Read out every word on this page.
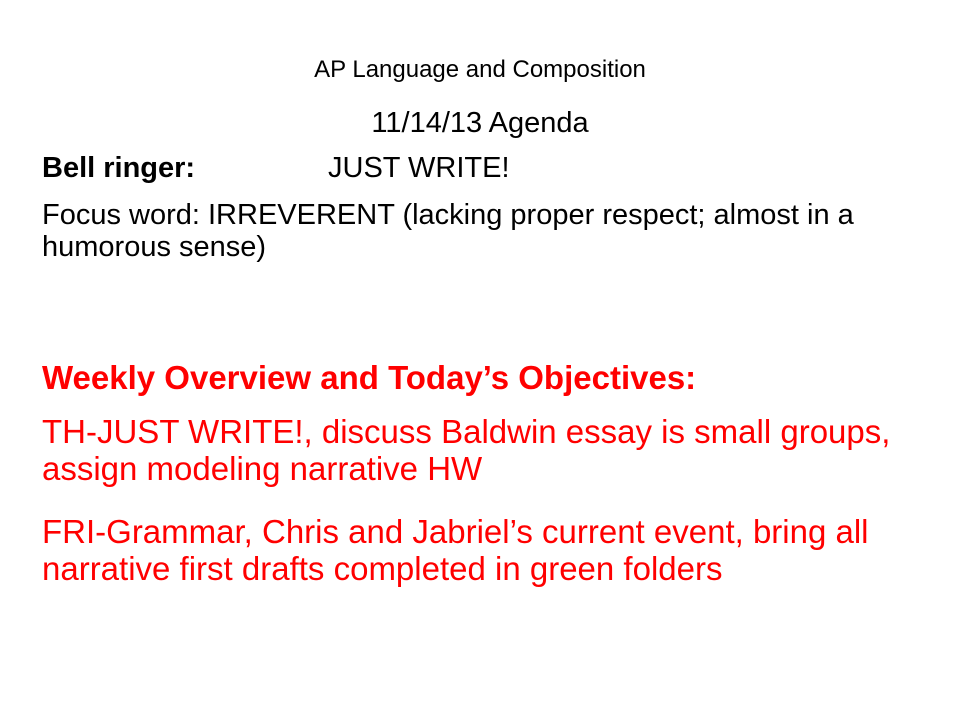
AP Language and Composition
11/14/13 Agenda
Bell ringer:	JUST WRITE!
Focus word: IRREVERENT (lacking proper respect; almost in a humorous sense)
Weekly Overview and Today’s Objectives:
TH-JUST WRITE!, discuss Baldwin essay is small groups, assign modeling narrative HW
FRI-Grammar, Chris and Jabriel’s current event, bring all narrative first drafts completed in green folders
